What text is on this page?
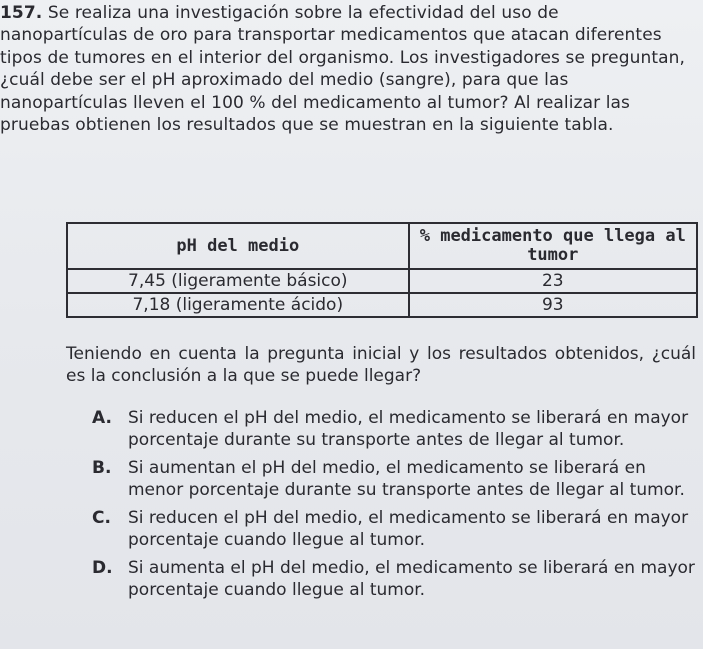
157. Se realiza una investigación sobre la efectividad del uso de nanopartículas de oro para transportar medicamentos que atacan diferentes tipos de tumores en el interior del organismo. Los investigadores se preguntan, ¿cuál debe ser el pH aproximado del medio (sangre), para que las nanopartículas lleven el 100 % del medicamento al tumor? Al realizar las pruebas obtienen los resultados que se muestran en la siguiente tabla.
pH del medio	% medicamento que llega al tumor
7,45 (ligeramente básico)	23
7,18 (ligeramente ácido)	93
Teniendo en cuenta la pregunta inicial y los resultados obtenidos, ¿cuál es la conclusión a la que se puede llegar?
A. Si reducen el pH del medio, el medicamento se liberará en mayor porcentaje durante su transporte antes de llegar al tumor.
B. Si aumentan el pH del medio, el medicamento se liberará en menor porcentaje durante su transporte antes de llegar al tumor.
C. Si reducen el pH del medio, el medicamento se liberará en mayor porcentaje cuando llegue al tumor.
D. Si aumenta el pH del medio, el medicamento se liberará en mayor porcentaje cuando llegue al tumor.
